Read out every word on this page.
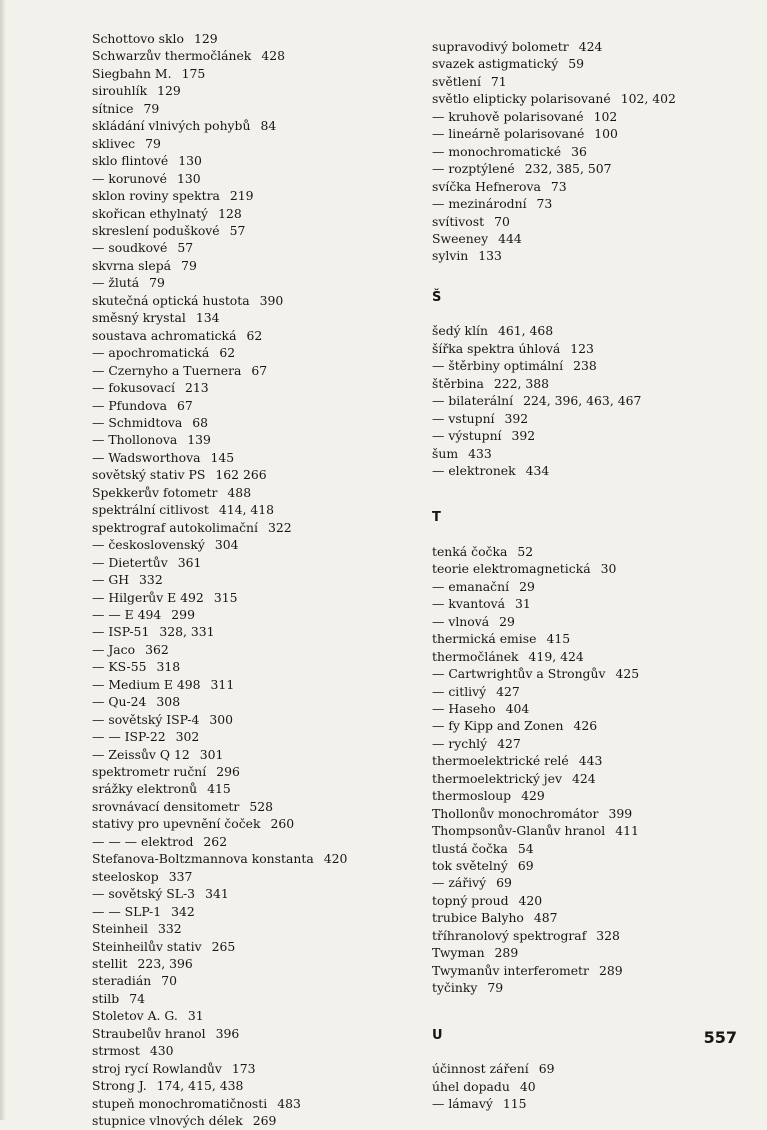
Schottovo sklo 129
Schwarzův thermočlánek 428
Siegbahn M. 175
sirouhlík 129
sítnice 79
skládání vlnivých pohybů 84
sklivec 79
sklo flintové 130
— korunové 130
sklon roviny spektra 219
skořican ethylnatý 128
skreslení poduškové 57
— soudkové 57
skvrna slepá 79
— žlutá 79
skutečná optická hustota 390
směsný krystal 134
soustava achromatická 62
— apochromatická 62
— Czernyho a Tuernera 67
— fokusovací 213
— Pfundova 67
— Schmidtova 68
— Thollonova 139
— Wadsworthova 145
sovětský stativ PS 162 266
Spekkerův fotometr 488
spektrální citlivost 414, 418
spektrograf autokolimační 322
— československý 304
— Dietertův 361
— GH 332
— Hilgerův E 492 315
— — E 494 299
— ISP-51 328, 331
— Jaco 362
— KS-55 318
— Medium E 498 311
— Qu-24 308
— sovětský ISP-4 300
— — ISP-22 302
— Zeissův Q 12 301
spektrometr ruční 296
srážky elektronů 415
srovnávací densitometr 528
stativy pro upevnění čoček 260
— — — elektrod 262
Stefanova-Boltzmannova konstanta 420
steeloskop 337
— sovětský SL-3 341
— — SLP-1 342
Steinheil 332
Steinheilův stativ 265
stellit 223, 396
steradián 70
stilb 74
Stoletov A. G. 31
Straubelův hranol 396
strmost 430
stroj rycí Rowlandův 173
Strong J. 174, 415, 438
stupeň monochromatičnosti 483
stupnice vlnových délek 269
supravodivý bolometr 424
svazek astigmatický 59
světlení 71
světlo elipticky polarisované 102, 402
— kruhově polarisované 102
— lineárně polarisované 100
— monochromatické 36
— rozptýlené 232, 385, 507
svíčka Hefnerova 73
— mezinárodní 73
svítivost 70
Sweeney 444
sylvin 133
Š
šedý klín 461, 468
šířka spektra úhlová 123
— štěrbiny optimální 238
štěrbina 222, 388
— bilaterální 224, 396, 463, 467
— vstupní 392
— výstupní 392
šum 433
— elektronek 434
T
tenká čočka 52
teorie elektromagnetická 30
— emanační 29
— kvantová 31
— vlnová 29
thermická emise 415
thermočlánek 419, 424
— Cartwrightův a Strongův 425
— citlivý 427
— Haseho 404
— fy Kipp and Zonen 426
— rychlý 427
thermoelektrické relé 443
thermoelektrický jev 424
thermosloup 429
Thollonův monochromátor 399
Thompsonův-Glanův hranol 411
tlustá čočka 54
tok světelný 69
— zářivý 69
topný proud 420
trubice Balyho 487
tříhranolový spektrograf 328
Twyman 289
Twymanův interferometr 289
tyčinky 79
U
účinnost záření 69
úhel dopadu 40
— lámavý 115
557
